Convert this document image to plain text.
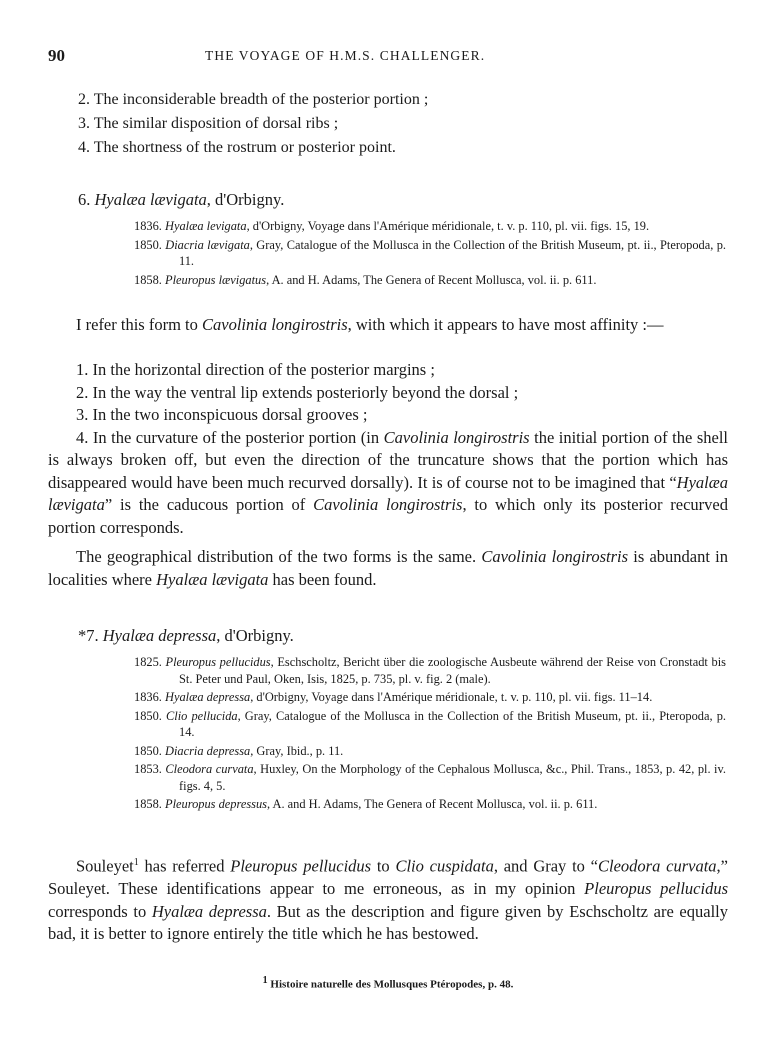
90	THE VOYAGE OF H.M.S. CHALLENGER.
2. The inconsiderable breadth of the posterior portion ;
3. The similar disposition of dorsal ribs ;
4. The shortness of the rostrum or posterior point.
6. Hyalæa lævigata, d'Orbigny.
1836. Hyalæa levigata, d'Orbigny, Voyage dans l'Amérique méridionale, t. v. p. 110, pl. vii. figs. 15, 19.
1850. Diacria lævigata, Gray, Catalogue of the Mollusca in the Collection of the British Museum, pt. ii., Pteropoda, p. 11.
1858. Pleuropus lævigatus, A. and H. Adams, The Genera of Recent Mollusca, vol. ii. p. 611.

I refer this form to Cavolinia longirostris, with which it appears to have most affinity :—

1. In the horizontal direction of the posterior margins ;
2. In the way the ventral lip extends posteriorly beyond the dorsal ;
3. In the two inconspicuous dorsal grooves ;
4. In the curvature of the posterior portion (in Cavolinia longirostris the initial portion of the shell is always broken off, but even the direction of the truncature shows that the portion which has disappeared would have been much recurved dorsally). It is of course not to be imagined that “Hyalæa lævigata” is the caducous portion of Cavolinia longirostris, to which only its posterior recurved portion corresponds.

The geographical distribution of the two forms is the same. Cavolinia longirostris is abundant in localities where Hyalæa lævigata has been found.

*7. Hyalæa depressa, d'Orbigny.
1825. Pleuropus pellucidus, Eschscholtz, Bericht über die zoologische Ausbeute während der Reise von Cronstadt bis St. Peter und Paul, Oken, Isis, 1825, p. 735, pl. v. fig. 2 (male).
1836. Hyalæa depressa, d'Orbigny, Voyage dans l'Amérique méridionale, t. v. p. 110, pl. vii. figs. 11–14.
1850. Clio pellucida, Gray, Catalogue of the Mollusca in the Collection of the British Museum, pt. ii., Pteropoda, p. 14.
1850. Diacria depressa, Gray, Ibid., p. 11.
1853. Cleodora curvata, Huxley, On the Morphology of the Cephalous Mollusca, &c., Phil. Trans., 1853, p. 42, pl. iv. figs. 4, 5.
1858. Pleuropus depressus, A. and H. Adams, The Genera of Recent Mollusca, vol. ii. p. 611.

Souleyet$^1$ has referred Pleuropus pellucidus to Clio cuspidata, and Gray to “Cleodora curvata,” Souleyet. These identifications appear to me erroneous, as in my opinion Pleuropus pellucidus corresponds to Hyalæa depressa. But as the description and figure given by Eschscholtz are equally bad, it is better to ignore entirely the title which he has bestowed.

$^1$ Histoire naturelle des Mollusques Ptéropodes, p. 48.
